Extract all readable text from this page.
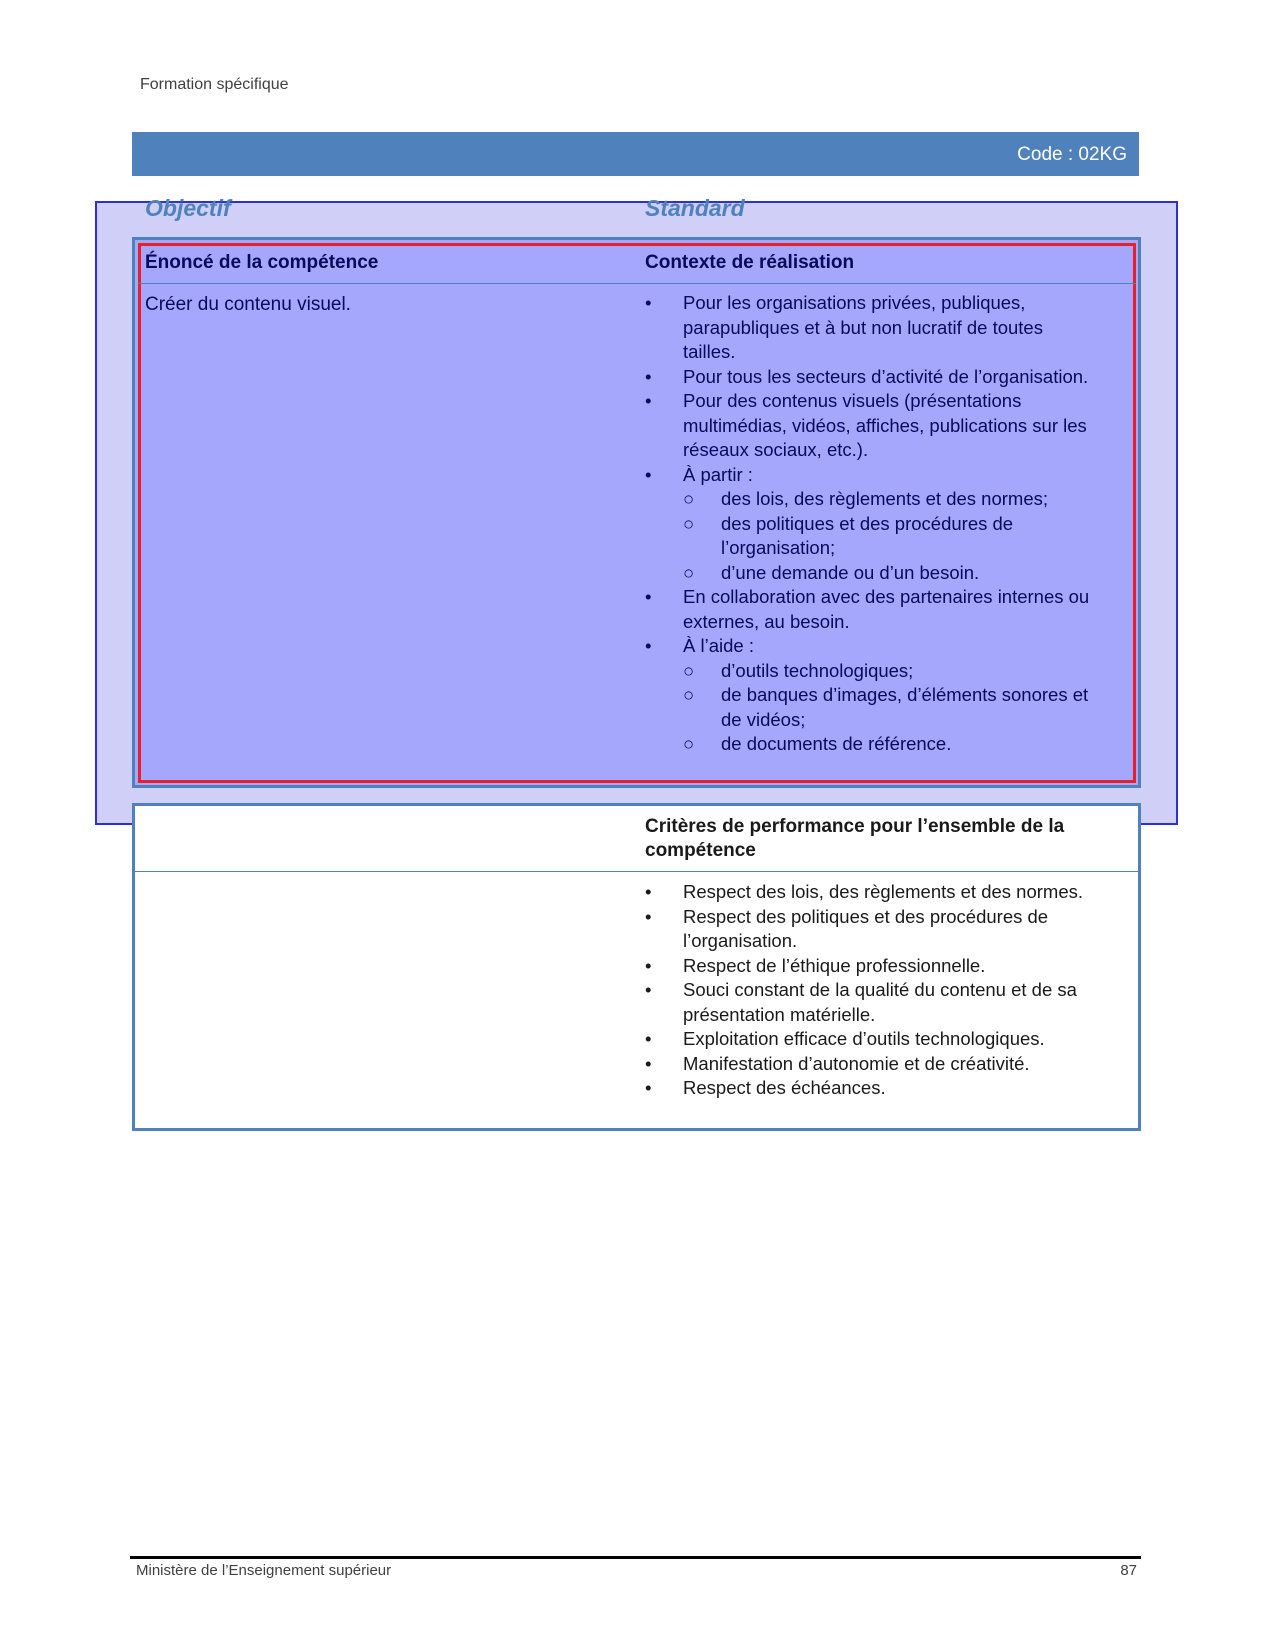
Formation spécifique
Code : 02KG
Objectif	Standard
Énoncé de la compétence	Contexte de réalisation
Créer du contenu visuel.	• Pour les organisations privées, publiques, parapubliques et à but non lucratif de toutes tailles.
• Pour tous les secteurs d’activité de l’organisation.
• Pour des contenus visuels (présentations multimédias, vidéos, affiches, publications sur les réseaux sociaux, etc.).
• À partir :
○ des lois, des règlements et des normes;
○ des politiques et des procédures de l’organisation;
○ d’une demande ou d’un besoin.
• En collaboration avec des partenaires internes ou externes, au besoin.
• À l’aide :
○ d’outils technologiques;
○ de banques d’images, d’éléments sonores et de vidéos;
○ de documents de référence.
Critères de performance pour l’ensemble de la compétence
• Respect des lois, des règlements et des normes.
• Respect des politiques et des procédures de l’organisation.
• Respect de l’éthique professionnelle.
• Souci constant de la qualité du contenu et de sa présentation matérielle.
• Exploitation efficace d’outils technologiques.
• Manifestation d’autonomie et de créativité.
• Respect des échéances.
Ministère de l’Enseignement supérieur	87
